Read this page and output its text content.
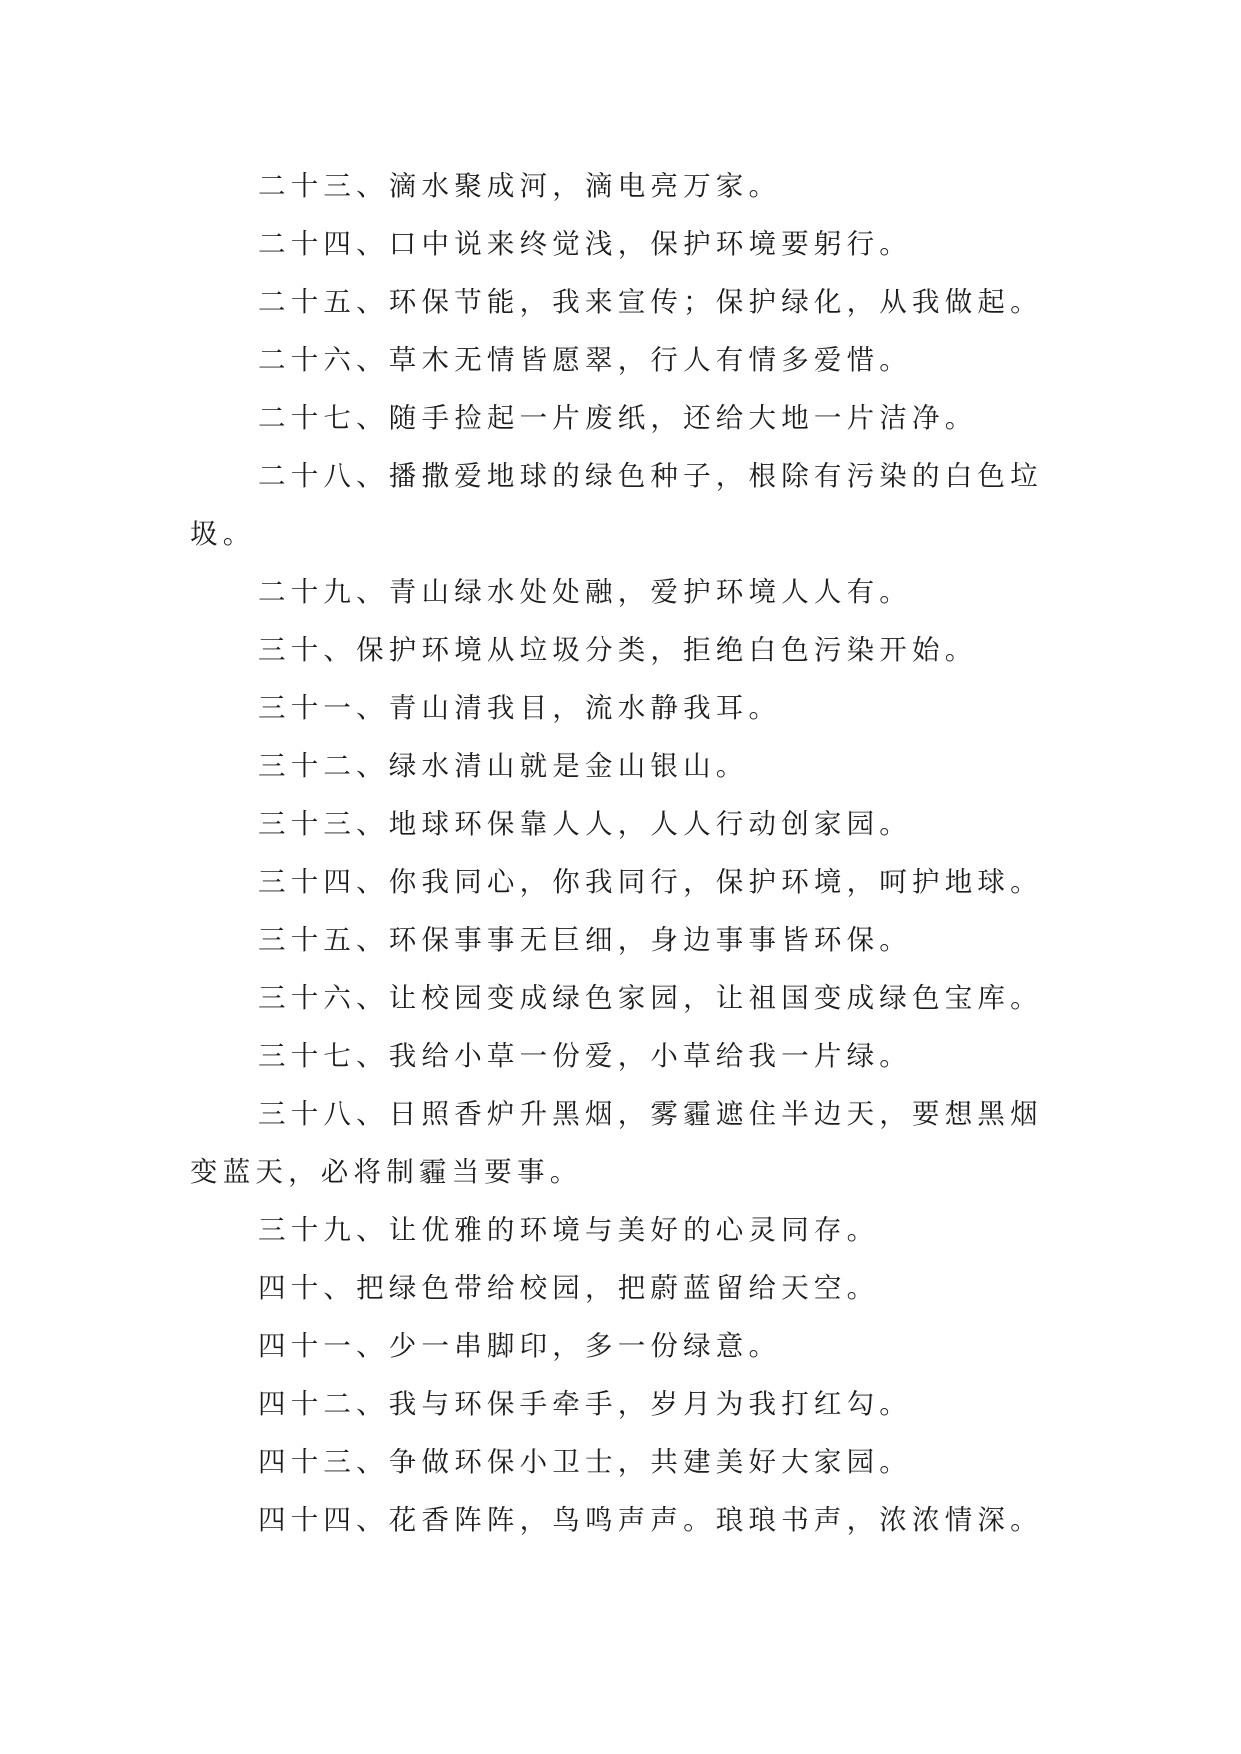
二十三、滴水聚成河，滴电亮万家。

二十四、口中说来终觉浅，保护环境要躬行。

二十五、环保节能，我来宣传；保护绿化，从我做起。

二十六、草木无情皆愿翠，行人有情多爱惜。

二十七、随手捡起一片废纸，还给大地一片洁净。

二十八、播撒爱地球的绿色种子，根除有污染的白色垃圾。

二十九、青山绿水处处融，爱护环境人人有。

三十、保护环境从垃圾分类，拒绝白色污染开始。

三十一、青山清我目，流水静我耳。

三十二、绿水清山就是金山银山。

三十三、地球环保靠人人，人人行动创家园。

三十四、你我同心，你我同行，保护环境，呵护地球。

三十五、环保事事无巨细，身边事事皆环保。

三十六、让校园变成绿色家园，让祖国变成绿色宝库。

三十七、我给小草一份爱，小草给我一片绿。

三十八、日照香炉升黑烟，雾霾遮住半边天，要想黑烟变蓝天，必将制霾当要事。

三十九、让优雅的环境与美好的心灵同存。

四十、把绿色带给校园，把蔚蓝留给天空。

四十一、少一串脚印，多一份绿意。

四十二、我与环保手牵手，岁月为我打红勾。

四十三、争做环保小卫士，共建美好大家园。

四十四、花香阵阵，鸟鸣声声。琅琅书声，浓浓情深。
